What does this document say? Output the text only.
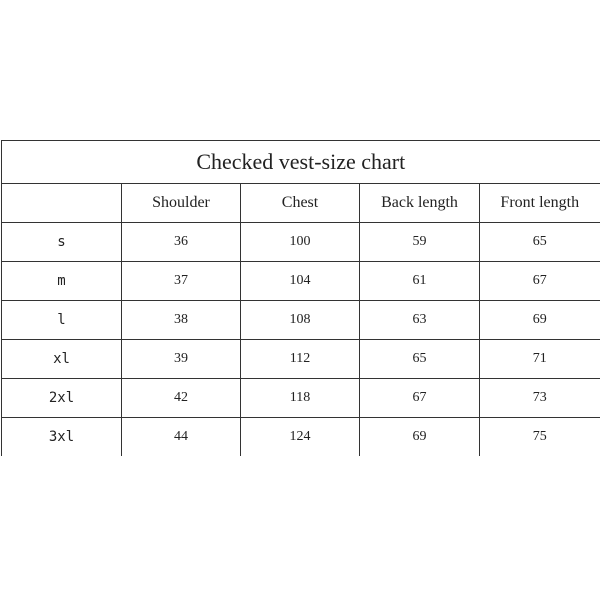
Checked vest-size chart				
	Shoulder	Chest	Back length	Front length
s	36	100	59	65
m	37	104	61	67
l	38	108	63	69
xl	39	112	65	71
2xl	42	118	67	73
3xl	44	124	69	75
